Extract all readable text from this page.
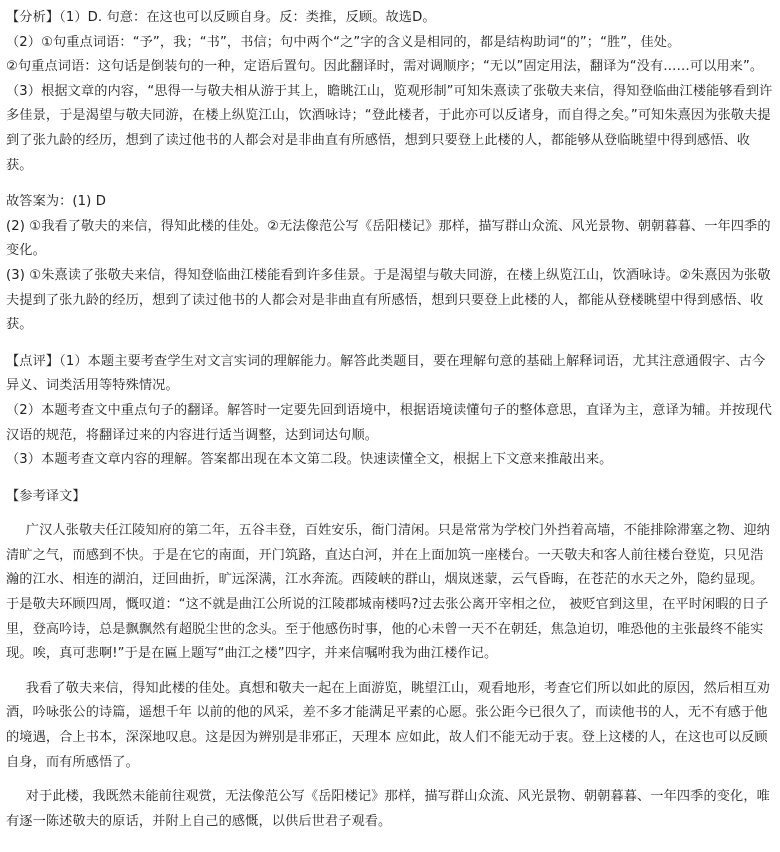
【分析】（1）D. 句意：在这也可以反顾自身。反：类推，反顾。故选D。

（2）①句重点词语：“予”，我；“书”，书信；句中两个“之”字的含义是相同的，都是结构助词“的”；“胜”，佳处。

②句重点词语：这句话是倒装句的一种，定语后置句。因此翻译时，需对调顺序；“无以”固定用法，翻译为“没有……可以用来”。

（3）根据文章的内容，“思得一与敬夫相从游于其上，瞻眺江山，览观形制”可知朱熹读了张敬夫来信，得知登临曲江楼能够看到许多佳景，于是渴望与敬夫同游，在楼上纵览江山，饮酒咏诗；“登此楼者，于此亦可以反诸身，而自得之矣。”可知朱熹因为张敬夫提到了张九龄的经历，想到了读过他书的人都会对是非曲直有所感悟，想到只要登上此楼的人，都能够从登临眺望中得到感悟、收获。

故答案为：(1) D

(2) ①我看了敬夫的来信，得知此楼的佳处。②无法像范公写《岳阳楼记》那样，描写群山众流、风光景物、朝朝暮暮、一年四季的变化。

(3) ①朱熹读了张敬夫来信，得知登临曲江楼能看到许多佳景。于是渴望与敬夫同游，在楼上纵览江山，饮酒咏诗。②朱熹因为张敬夫提到了张九龄的经历，想到了读过他书的人都会对是非曲直有所感悟，想到只要登上此楼的人，都能从登楼眺望中得到感悟、收获。

【点评】（1）本题主要考查学生对文言实词的理解能力。解答此类题目，要在理解句意的基础上解释词语，尤其注意通假字、古今异义、词类活用等特殊情况。

（2）本题考查文中重点句子的翻译。解答时一定要先回到语境中，根据语境读懂句子的整体意思，直译为主，意译为辅。并按现代汉语的规范，将翻译过来的内容进行适当调整，达到词达句顺。

（3）本题考查文章内容的理解。答案都出现在本文第二段。快速读懂全文，根据上下文意来推敲出来。

【参考译文】

广汉人张敬夫任江陵知府的第二年，五谷丰登，百姓安乐，衙门清闲。只是常常为学校门外挡着高墙，不能排除滞塞之物、迎纳清旷之气，而感到不快。于是在它的南面，开门筑路，直达白河，并在上面加筑一座楼台。一天敬夫和客人前往楼台登览，只见浩瀚的江水、相连的湖泊，迂回曲折，旷远深满，江水奔流。西陵峡的群山，烟岚迷蒙，云气昏晦，在苍茫的水天之外，隐约显现。于是敬夫环顾四周，慨叹道：“这不就是曲江公所说的江陵郡城南楼吗?过去张公离开宰相之位， 被贬官到这里，在平时闲暇的日子里，登高吟诗，总是飘飘然有超脱尘世的念头。至于他感伤时事，他的心未曾一天不在朝廷，焦急迫切，唯恐他的主张最终不能实 现。唉，真可悲啊!”于是在匾上题写“曲江之楼”四字，并来信嘱咐我为曲江楼作记。

我看了敬夫来信，得知此楼的佳处。真想和敬夫一起在上面游览，眺望江山，观看地形，考查它们所以如此的原因，然后相互劝酒，吟咏张公的诗篇，遥想千年 以前的他的风采，差不多才能满足平素的心愿。张公距今已很久了，而读他书的人，无不有感于他的境遇，合上书本，深深地叹息。这是因为辨别是非邪正，天理本 应如此，故人们不能无动于衷。登上这楼的人，在这也可以反顾自身，而有所感悟了。

对于此楼，我既然未能前往观赏，无法像范公写《岳阳楼记》那样，描写群山众流、风光景物、朝朝暮暮、一年四季的变化，唯有逐一陈述敬夫的原话，并附上自己的感慨，以供后世君子观看。
